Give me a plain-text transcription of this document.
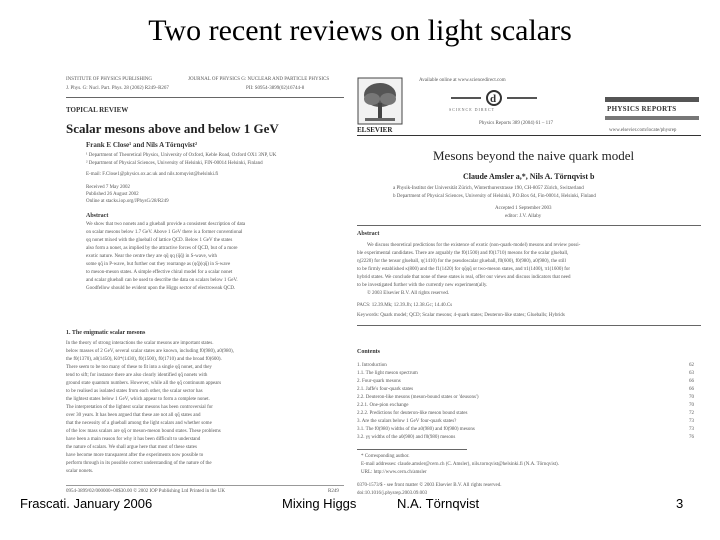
Two recent reviews on light scalars
INSTITUTE OF PHYSICS PUBLISHING	JOURNAL OF PHYSICS G: NUCLEAR AND PARTICLE PHYSICS
J. Phys. G: Nucl. Part. Phys. 28 (2002) R249–R267	PII: S0954-3899(02)16744-8
TOPICAL REVIEW
Scalar mesons above and below 1 GeV
Frank E Close¹ and Nils A Törnqvist²
¹ Department of Theoretical Physics, University of Oxford, Keble Road, Oxford OX1 3NP, UK
² Department of Physical Sciences, University of Helsinki, FIN-00014 Helsinki, Finland
E-mail: F.Close1@physics.ox.ac.uk and nils.tornqvist@helsinki.fi
Received 7 May 2002
Published 26 August 2002
Online at stacks.iop.org/JPhysG/28/R249
Abstract
We show that two nonets and a glueball provide a consistent description of data
on scalar mesons below 1.7 GeV. Above 1 GeV there is a former conventional
qq nonet mixed with the glueball of lattice QCD. Below 1 GeV the states
also form a nonet, as implied by the attractive forces of QCD, but of a more
exotic nature. Near the centre they are qq̄ qq (q̄q̄) in S-wave, with
some qq̄ in P-wave, but further out they rearrange as (qq̄)(qq̄) in S-wave
to meson-meson states. A simple effective chiral model for a scalar nonet
and scalar glueball can be used to describe the data on scalars below 1 GeV.
Goodfellow should be evident upon the Higgs sector of electroweak QCD.
1. The enigmatic scalar mesons
In the theory of strong interactions the scalar mesons are important states.
below masses of 2 GeV, several scalar states are known, including f0(980), a0(980),
the f0(1370), a0(1450), K0*(1430), f0(1500), f0(1710) and the broad f0(600).
There seem to be too many of these to fit into a single qq̄ nonet, and they
tend to sift; for instance there are also clearly identified qq̄ nonets with
ground state quantum numbers. However, while all the qq̄ continuum appears
to be realised as isolated states from each other, the scalar sector has
the lightest states below 1 GeV, which appear to form a complete nonet.
The interpretation of the lightest scalar mesons has been controversial for
over 30 years. It has been argued that these are not all qq̄ states and
that the necessity of a glueball among the light scalars and whether some
of the low mass scalars are qq̄ or meson-meson bound states. These problems
have been a main reason for why it has been difficult to understand
the nature of scalars. We shall argue here that most of these states
have become more transparent after the experiments now possible to
perform through in its possible correct understanding of the nature of the
scalar nonets.
0954-3899/02/000000+00$30.00 © 2002 IOP Publishing Ltd Printed in the UK	R249
ELSEVIER
Available online at www.sciencedirect.com
d
SCIENCE DIRECT
Physics Reports 389 (2004) 61 – 117
PHYSICS REPORTS
www.elsevier.com/locate/physrep
Mesons beyond the naive quark model
Claude Amsler a,*, Nils A. Törnqvist b
a Physik-Institut der Universität Zürich, Winterthurerstrasse 190, CH-8057 Zürich, Switzerland
b Department of Physical Sciences, University of Helsinki, P.O.Box 64, Fin-00014, Helsinki, Finland
Accepted 1 September 2003
editor: J.V. Allaby
Abstract
We discuss theoretical predictions for the existence of exotic (non-quark-model) mesons and review possi-
ble experimental candidates. There are arguably the f0(1500) and f0(1710) mesons for the scalar glueball,
η(2220) for the tensor glueball, η(1410) for the pseudoscalar glueball, f0(600), f0(980), a0(980), the still
to be firmly established κ(800) and the f1(1420) for qq̄qq̄ or two-meson states, and π1(1400), π1(1600) for
hybrid states. We conclude that none of these states is real, offer our views and discuss indicators that need
to be investigated further with the currently new experiment(ally.
© 2003 Elsevier B.V. All rights reserved.
PACS: 12.39.Mk; 12.39.Jh; 12.38.Gc; 14.40.Cs
Keywords: Quark model; QCD; Scalar mesons; 4-quark states; Deuteron-like states; Glueballs; Hybrids
Contents
1. Introduction	62
1.1. The light meson spectrum	63
2. Four-quark mesons	66
2.1. Jaffe's four-quark states	66
2.2. Deuteron-like mesons (meson-bound states or 'deusons')	70
2.2.1. One-pion exchange	70
2.2.2. Predictions for deuteron-like meson bound states	72
3. Are the scalars below 1 GeV four-quark states?	73
3.1. The f0(980) widths of the a0(980) and f0(980) mesons	73
3.2. γγ widths of the a0(980) and f0(980) mesons	76
* Corresponding author.
E-mail addresses: claude.amsler@cern.ch (C. Amsler), nils.tornqvist@helsinki.fi (N.A. Törnqvist).
URL: http://www.cern.ch/amsler
0370-1573/$ - see front matter © 2003 Elsevier B.V. All rights reserved.
doi:10.1016/j.physrep.2003.09.003
Frascati. January 2006	Mixing Higgs	N.A. Törnqvist	3
